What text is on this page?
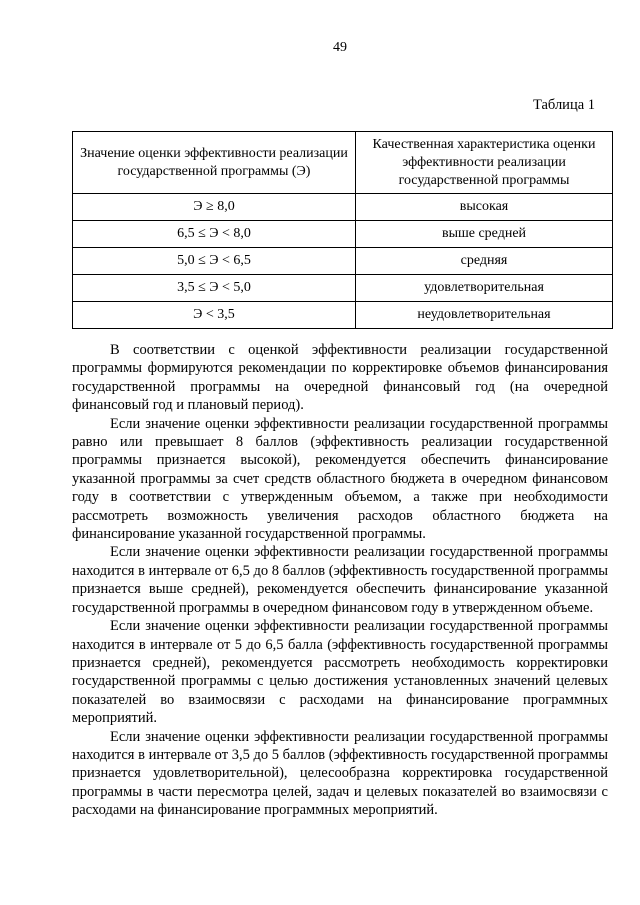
49
Таблица 1
Значение оценки эффективности реализации государственной программы (Э)	Качественная характеристика оценки эффективности реализации государственной программы
Э ≥ 8,0	высокая
6,5 ≤ Э < 8,0	выше средней
5,0 ≤ Э < 6,5	средняя
3,5 ≤ Э < 5,0	удовлетворительная
Э < 3,5	неудовлетворительная

В соответствии с оценкой эффективности реализации государственной программы формируются рекомендации по корректировке объемов финансирования государственной программы на очередной финансовый год (на очередной финансовый год и плановый период).

Если значение оценки эффективности реализации государственной программы равно или превышает 8 баллов (эффективность реализации государственной программы признается высокой), рекомендуется обеспечить финансирование указанной программы за счет средств областного бюджета в очередном финансовом году в соответствии с утвержденным объемом, а также при необходимости рассмотреть возможность увеличения расходов областного бюджета на финансирование указанной государственной программы.

Если значение оценки эффективности реализации государственной программы находится в интервале от 6,5 до 8 баллов (эффективность государственной программы признается выше средней), рекомендуется обеспечить финансирование указанной государственной программы в очередном финансовом году в утвержденном объеме.

Если значение оценки эффективности реализации государственной программы находится в интервале от 5 до 6,5 балла (эффективность государственной программы признается средней), рекомендуется рассмотреть необходимость корректировки государственной программы с целью достижения установленных значений целевых показателей во взаимосвязи с расходами на финансирование программных мероприятий.

Если значение оценки эффективности реализации государственной программы находится в интервале от 3,5 до 5 баллов (эффективность государственной программы признается удовлетворительной), целесообразна корректировка государственной программы в части пересмотра целей, задач и целевых показателей во взаимосвязи с расходами на финансирование программных мероприятий.
